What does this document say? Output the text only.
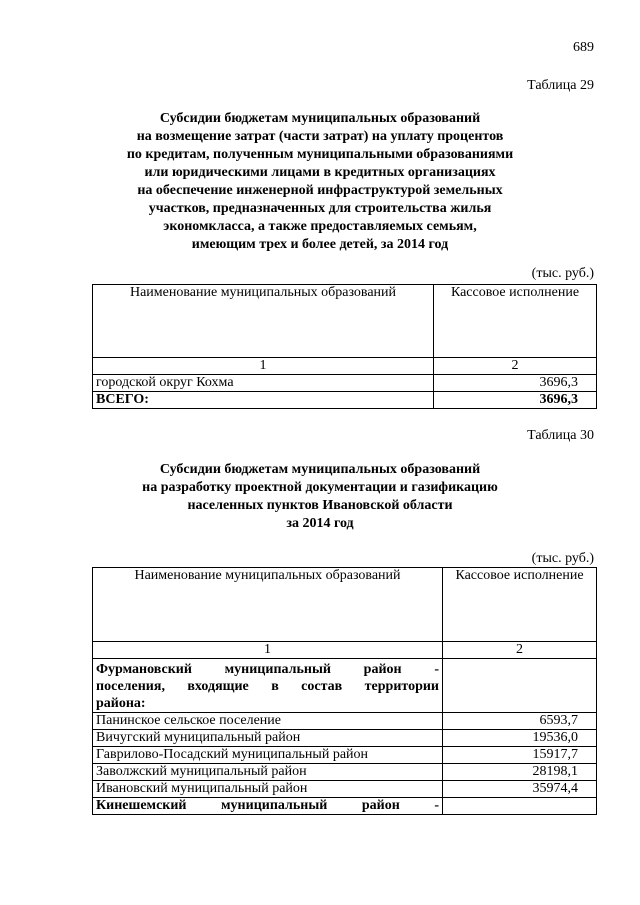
689
Таблица 29
Субсидии бюджетам муниципальных образований
на возмещение затрат (части затрат) на уплату процентов
по кредитам, полученным муниципальными образованиями
или юридическими лицами в кредитных организациях
на обеспечение инженерной инфраструктурой земельных
участков, предназначенных для строительства жилья
экономкласса, а также предоставляемых семьям,
имеющим трех и более детей, за 2014 год
(тыс. руб.)
Наименование муниципальных образований	Кассовое исполнение
1	2
городской округ Кохма	3696,3
ВСЕГО:	3696,3
Таблица 30
Субсидии бюджетам муниципальных образований
на разработку проектной документации и газификацию
населенных пунктов Ивановской области
за 2014 год
(тыс. руб.)
Наименование муниципальных образований	Кассовое исполнение
1	2

Фурмановский муниципальный район -
поселения, входящие в состав территории
района:	

Панинское сельское поселение	6593,7
Вичугский муниципальный район	19536,0
Гаврилово-Посадский муниципальный район	15917,7
Заволжский муниципальный район	28198,1
Ивановский муниципальный район	35974,4

Кинешемский муниципальный район -	
